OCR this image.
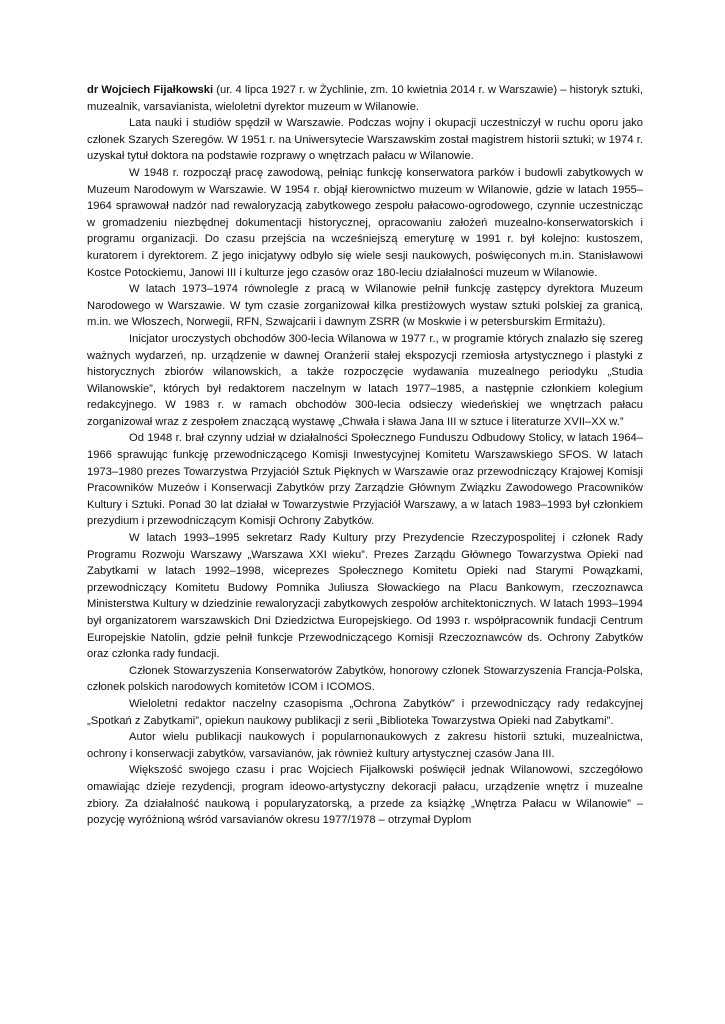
dr Wojciech Fijałkowski (ur. 4 lipca 1927 r. w Żychlinie, zm. 10 kwietnia 2014 r. w Warszawie) – historyk sztuki, muzealnik, varsavianista, wieloletni dyrektor muzeum w Wilanowie.

Lata nauki i studiów spędził w Warszawie. Podczas wojny i okupacji uczestniczył w ruchu oporu jako członek Szarych Szeregów. W 1951 r. na Uniwersytecie Warszawskim został magistrem historii sztuki; w 1974 r. uzyskał tytuł doktora na podstawie rozprawy o wnętrzach pałacu w Wilanowie.

W 1948 r. rozpoczął pracę zawodową, pełniąc funkcję konserwatora parków i budowli zabytkowych w Muzeum Narodowym w Warszawie. W 1954 r. objął kierownictwo muzeum w Wilanowie, gdzie w latach 1955–1964 sprawował nadzór nad rewaloryzacją zabytkowego zespołu pałacowo-ogrodowego, czynnie uczestnicząc w gromadzeniu niezbędnej dokumentacji historycznej, opracowaniu założeń muzealno-konserwatorskich i programu organizacji. Do czasu przejścia na wcześniejszą emeryturę w 1991 r. był kolejno: kustoszem, kuratorem i dyrektorem. Z jego inicjatywy odbyło się wiele sesji naukowych, poświęconych m.in. Stanisławowi Kostce Potockiemu, Janowi III i kulturze jego czasów oraz 180-leciu działalności muzeum w Wilanowie.

W latach 1973–1974 równolegle z pracą w Wilanowie pełnił funkcję zastępcy dyrektora Muzeum Narodowego w Warszawie. W tym czasie zorganizował kilka prestiżowych wystaw sztuki polskiej za granicą, m.in. we Włoszech, Norwegii, RFN, Szwajcarii i dawnym ZSRR (w Moskwie i w petersburskim Ermitażu).

Inicjator uroczystych obchodów 300-lecia Wilanowa w 1977 r., w programie których znalazło się szereg ważnych wydarzeń, np. urządzenie w dawnej Oranżerii stałej ekspozycji rzemiosła artystycznego i plastyki z historycznych zbiorów wilanowskich, a także rozpoczęcie wydawania muzealnego periodyku „Studia Wilanowskie”, których był redaktorem naczelnym w latach 1977–1985, a następnie członkiem kolegium redakcyjnego. W 1983 r. w ramach obchodów 300-lecia odsieczy wiedeńskiej we wnętrzach pałacu zorganizował wraz z zespołem znaczącą wystawę „Chwała i sława Jana III w sztuce i literaturze XVII–XX w.”

Od 1948 r. brał czynny udział w działalności Społecznego Funduszu Odbudowy Stolicy, w latach 1964–1966 sprawując funkcję przewodniczącego Komisji Inwestycyjnej Komitetu Warszawskiego SFOS. W latach 1973–1980 prezes Towarzystwa Przyjaciół Sztuk Pięknych w Warszawie oraz przewodniczący Krajowej Komisji Pracowników Muzeów i Konserwacji Zabytków przy Zarządzie Głównym Związku Zawodowego Pracowników Kultury i Sztuki. Ponad 30 lat działał w Towarzystwie Przyjaciół Warszawy, a w latach 1983–1993 był członkiem prezydium i przewodniczącym Komisji Ochrony Zabytków.

W latach 1993–1995 sekretarz Rady Kultury przy Prezydencie Rzeczypospolitej i członek Rady Programu Rozwoju Warszawy „Warszawa XXI wieku”. Prezes Zarządu Głównego Towarzystwa Opieki nad Zabytkami w latach 1992–1998, wiceprezes Społecznego Komitetu Opieki nad Starymi Powązkami, przewodniczący Komitetu Budowy Pomnika Juliusza Słowackiego na Placu Bankowym, rzeczoznawca Ministerstwa Kultury w dziedzinie rewaloryzacji zabytkowych zespołów architektonicznych. W latach 1993–1994 był organizatorem warszawskich Dni Dziedzictwa Europejskiego. Od 1993 r. współpracownik fundacji Centrum Europejskie Natolin, gdzie pełnił funkcje Przewodniczącego Komisji Rzeczoznawców ds. Ochrony Zabytków oraz członka rady fundacji.

Członek Stowarzyszenia Konserwatorów Zabytków, honorowy członek Stowarzyszenia Francja-Polska, członek polskich narodowych komitetów ICOM i ICOMOS.

Wieloletni redaktor naczelny czasopisma „Ochrona Zabytków” i przewodniczący rady redakcyjnej „Spotkań z Zabytkami”, opiekun naukowy publikacji z serii „Biblioteka Towarzystwa Opieki nad Zabytkami”.

Autor wielu publikacji naukowych i popularnonaukowych z zakresu historii sztuki, muzealnictwa, ochrony i konserwacji zabytków, varsavianów, jak również kultury artystycznej czasów Jana III.

Większość swojego czasu i prac Wojciech Fijałkowski poświęcił jednak Wilanowowi, szczegółowo omawiając dzieje rezydencji, program ideowo-artystyczny dekoracji pałacu, urządzenie wnętrz i muzealne zbiory. Za działalność naukową i popularyzatorską, a przede za książkę „Wnętrza Pałacu w Wilanowie” – pozycję wyróżnioną wśród varsavianów okresu 1977/1978 – otrzymał Dyplom
